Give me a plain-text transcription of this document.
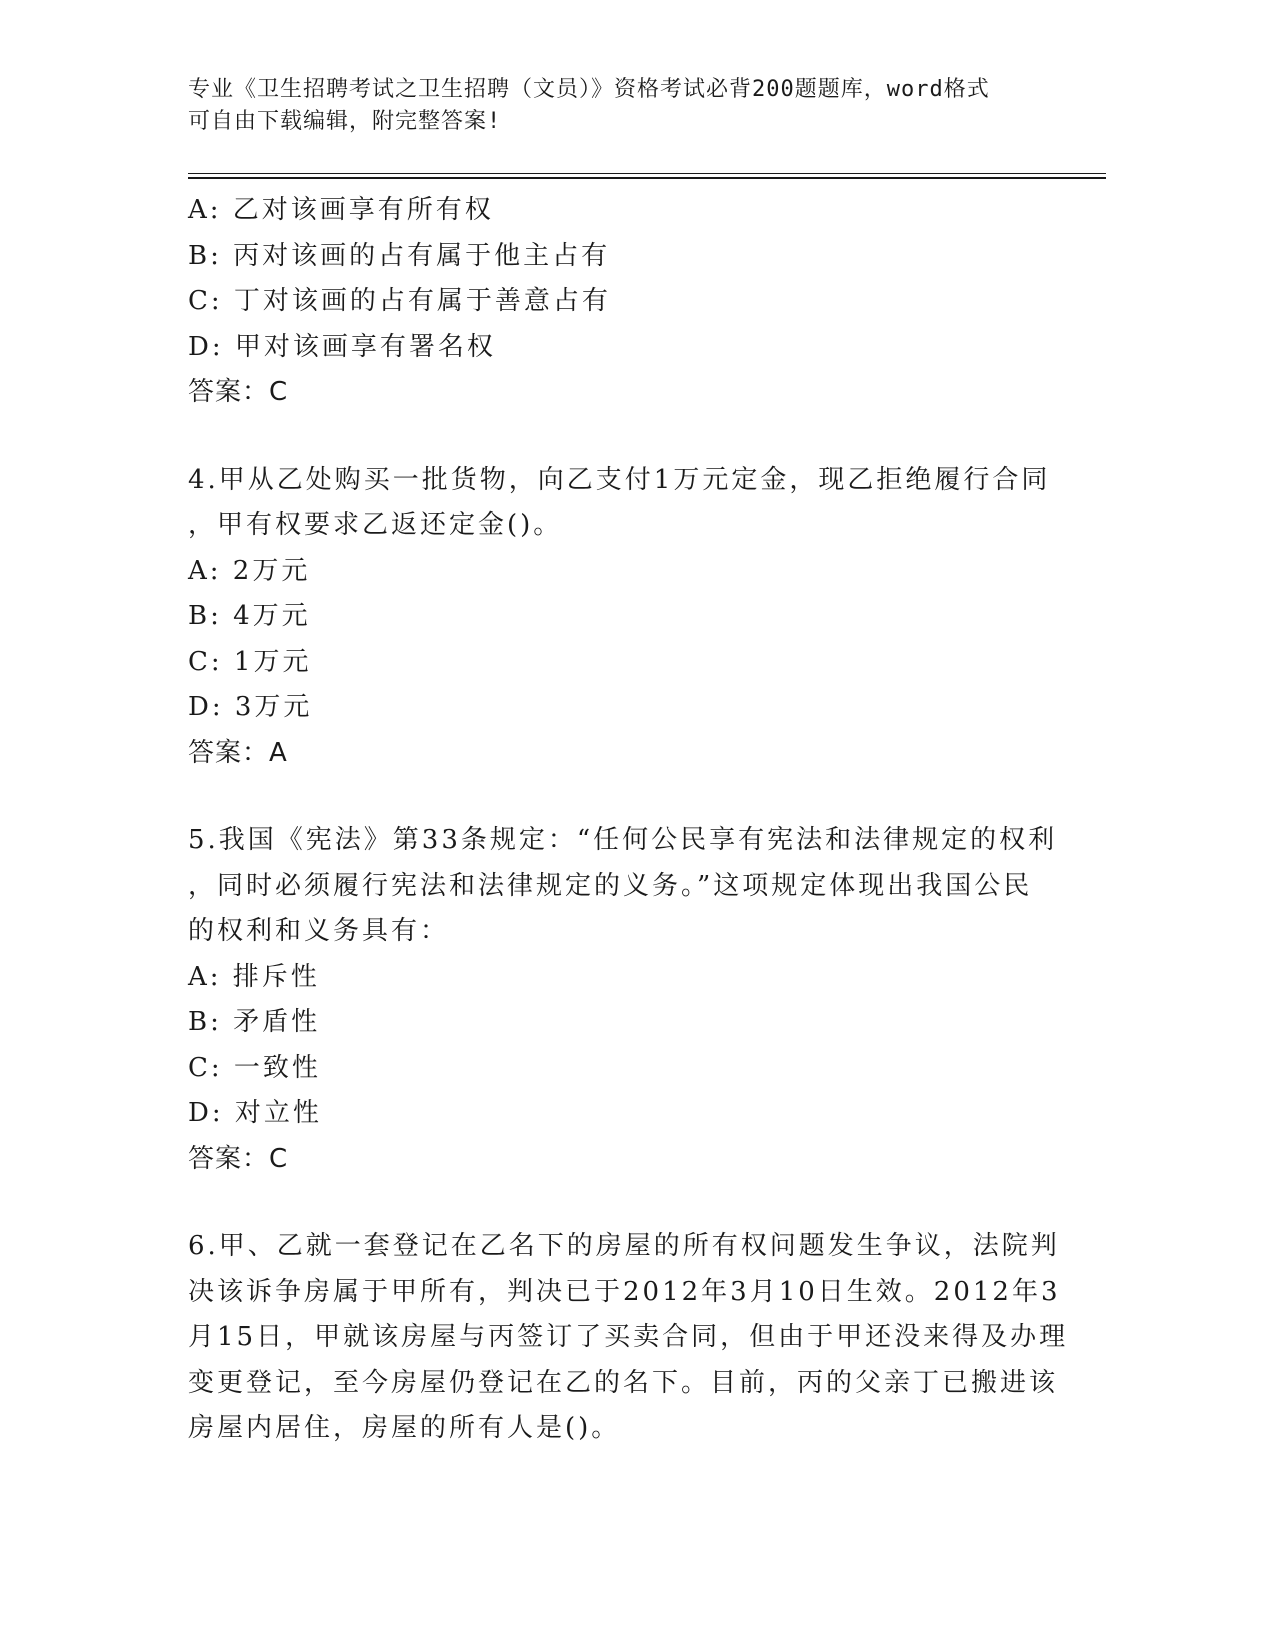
专业《卫生招聘考试之卫生招聘（文员）》资格考试必背200题题库，word格式
可自由下载编辑，附完整答案!
A: 乙对该画享有所有权
B: 丙对该画的占有属于他主占有
C: 丁对该画的占有属于善意占有
D: 甲对该画享有署名权
答案：C
4.甲从乙处购买一批货物，向乙支付1万元定金，现乙拒绝履行合同
，甲有权要求乙返还定金()。
A: 2万元
B: 4万元
C: 1万元
D: 3万元
答案：A
5.我国《宪法》第33条规定：“任何公民享有宪法和法律规定的权利
，同时必须履行宪法和法律规定的义务。”这项规定体现出我国公民
的权利和义务具有：
A: 排斥性
B: 矛盾性
C: 一致性
D: 对立性
答案：C
6.甲、乙就一套登记在乙名下的房屋的所有权问题发生争议，法院判
决该诉争房属于甲所有，判决已于2012年3月10日生效。2012年3
月15日，甲就该房屋与丙签订了买卖合同，但由于甲还没来得及办理
变更登记，至今房屋仍登记在乙的名下。目前，丙的父亲丁已搬进该
房屋内居住，房屋的所有人是()。
